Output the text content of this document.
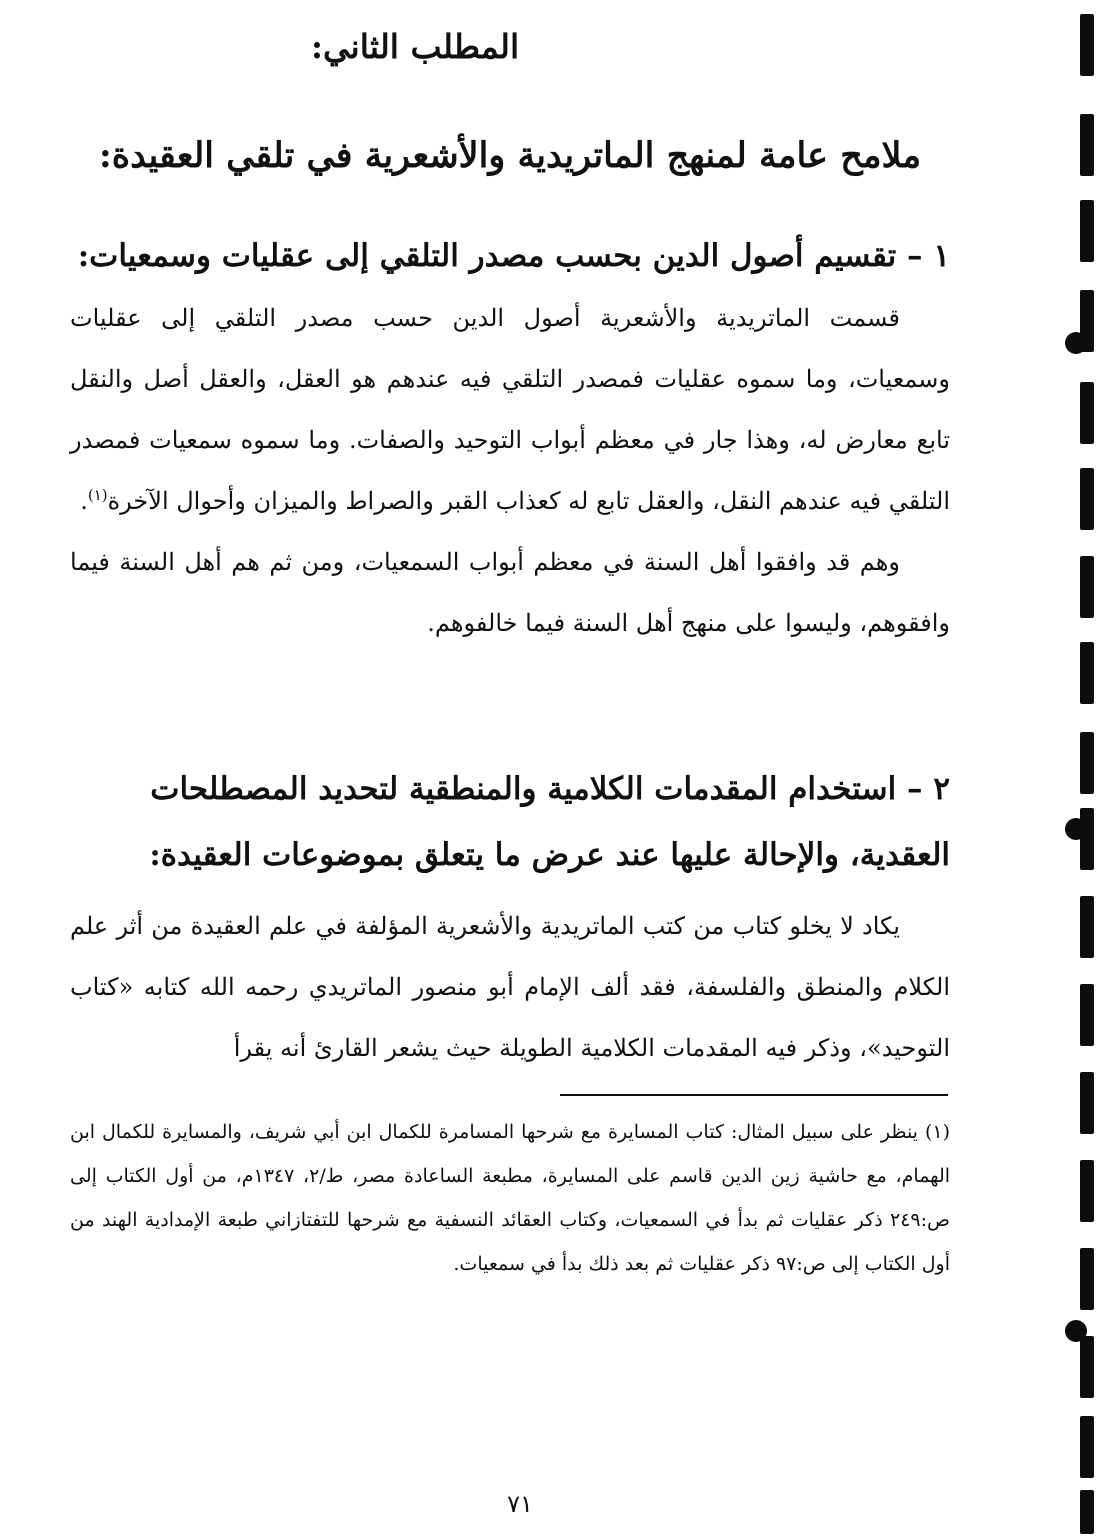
المطلب الثاني:
ملامح عامة لمنهج الماتريدية والأشعرية في تلقي العقيدة:
١ – تقسيم أصول الدين بحسب مصدر التلقي إلى عقليات وسمعيات:

قسمت الماتريدية والأشعرية أصول الدين حسب مصدر التلقي إلى عقليات وسمعيات، وما سموه عقليات فمصدر التلقي فيه عندهم هو العقل، والعقل أصل والنقل تابع معارض له، وهذا جار في معظم أبواب التوحيد والصفات. وما سموه سمعيات فمصدر التلقي فيه عندهم النقل، والعقل تابع له كعذاب القبر والصراط والميزان وأحوال الآخرة$^{(١)}$.

وهم قد وافقوا أهل السنة في معظم أبواب السمعيات، ومن ثم هم أهل السنة فيما وافقوهم، وليسوا على منهج أهل السنة فيما خالفوهم.

٢ – استخدام المقدمات الكلامية والمنطقية لتحديد المصطلحات العقدية، والإحالة عليها عند عرض ما يتعلق بموضوعات العقيدة:

يكاد لا يخلو كتاب من كتب الماتريدية والأشعرية المؤلفة في علم العقيدة من أثر علم الكلام والمنطق والفلسفة، فقد ألف الإمام أبو منصور الماتريدي رحمه الله كتابه «كتاب التوحيد»، وذكر فيه المقدمات الكلامية الطويلة حيث يشعر القارئ أنه يقرأ

(١) ينظر على سبيل المثال: كتاب المسايرة مع شرحها المسامرة للكمال ابن أبي شريف، والمسايرة للكمال ابن الهمام، مع حاشية زين الدين قاسم على المسايرة، مطبعة الساعادة مصر، ط/٢، ١٣٤٧م، من أول الكتاب إلى ص:٢٤٩ ذكر عقليات ثم بدأ في السمعيات، وكتاب العقائد النسفية مع شرحها للتفتازاني طبعة الإمدادية الهند من أول الكتاب إلى ص:٩٧ ذكر عقليات ثم بعد ذلك بدأ في سمعيات.

٧١
